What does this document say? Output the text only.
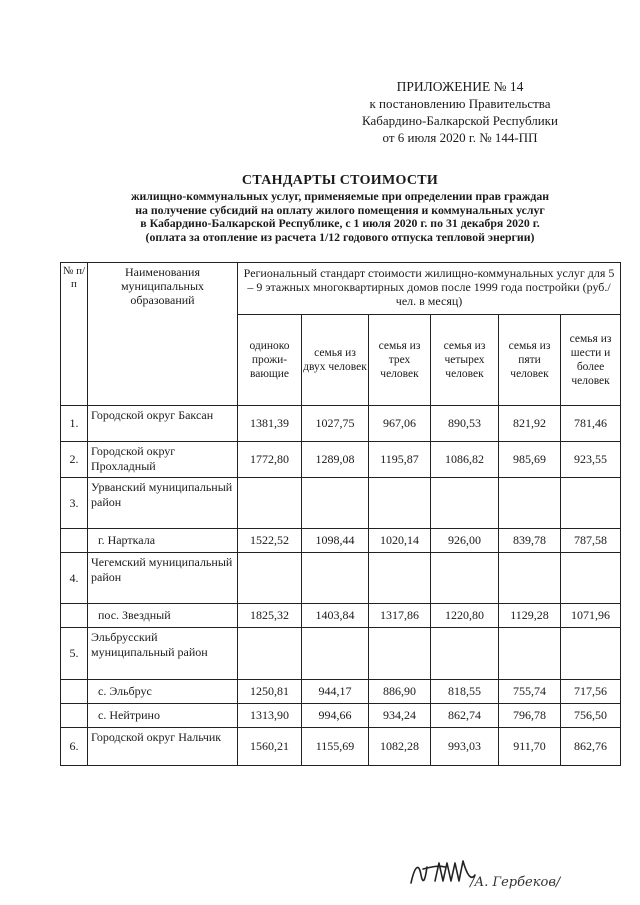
ПРИЛОЖЕНИЕ № 14
к постановлению Правительства
Кабардино-Балкарской Республики
от 6 июля 2020 г. № 144-ПП
СТАНДАРТЫ СТОИМОСТИ
жилищно-коммунальных услуг, применяемые при определении прав граждан
на получение субсидий на оплату жилого помещения и коммунальных услуг
в Кабардино-Балкарской Республике, с 1 июля 2020 г. по 31 декабря 2020 г.
(оплата за отопление из расчета 1/12 годового отпуска тепловой энергии)
№ п/п	Наименования муниципальных образований	Региональный стандарт стоимости жилищно-коммунальных услуг для 5 – 9 этажных многоквартирных домов после 1999 года постройки (руб./чел. в месяц)					
		одиноко прожи-вающие	семья из двух человек	семья из трех человек	семья из четырех человек	семья из пяти человек	семья из шести и более человек
1.	Городской округ Баксан	1381,39	1027,75	967,06	890,53	821,92	781,46
2.	Городской округ Прохладный	1772,80	1289,08	1195,87	1086,82	985,69	923,55
3.	Урванский муниципальный район						
	г. Нарткала	1522,52	1098,44	1020,14	926,00	839,78	787,58
4.	Чегемский муниципальный район						
	пос. Звездный	1825,32	1403,84	1317,86	1220,80	1129,28	1071,96
5.	Эльбрусский муниципальный район						
	с. Эльбрус	1250,81	944,17	886,90	818,55	755,74	717,56
	с. Нейтрино	1313,90	994,66	934,24	862,74	796,78	756,50
6.	Городской округ Нальчик	1560,21	1155,69	1082,28	993,03	911,70	862,76
/А. Гербеков/
